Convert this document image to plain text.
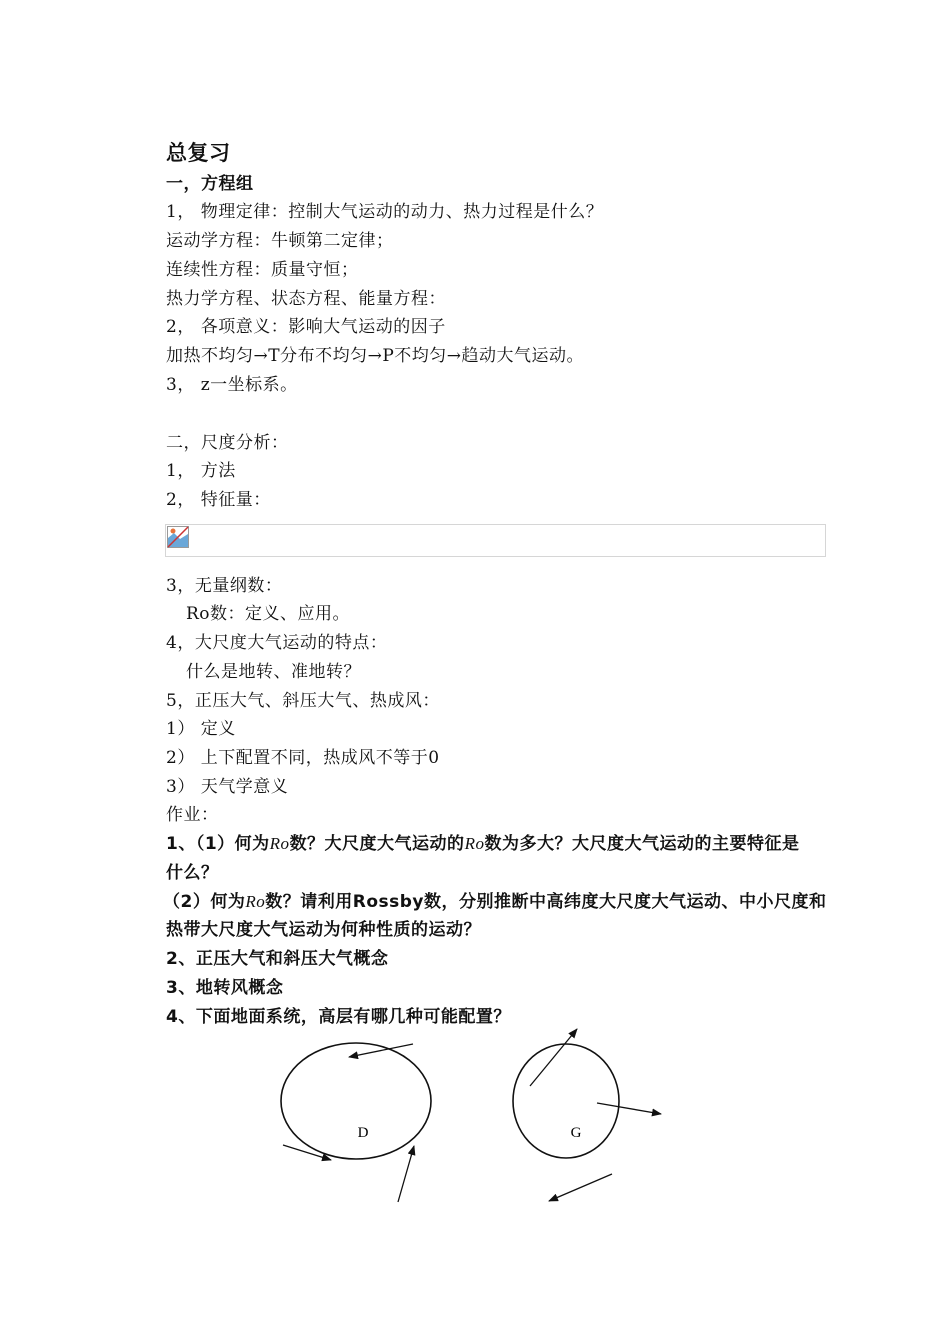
总复习
一，方程组
1， 物理定律：控制大气运动的动力、热力过程是什么？
运动学方程：牛顿第二定律；
连续性方程：质量守恒；
热力学方程、状态方程、能量方程：
2， 各项意义：影响大气运动的因子
加热不均匀→T分布不均匀→P不均匀→趋动大气运动。
3， z一坐标系。
二，尺度分析：
1， 方法
2， 特征量：
3，无量纲数：
Ro数：定义、应用。
4，大尺度大气运动的特点：
什么是地转、准地转？
5，正压大气、斜压大气、热成风：
1） 定义
2） 上下配置不同，热成风不等于0
3） 天气学意义
作业：
1、（1）何为Ro数？大尺度大气运动的Ro数为多大？大尺度大气运动的主要特征是
什么？
（2）何为Ro数？请利用Rossby数，分别推断中高纬度大尺度大气运动、中小尺度和
热带大尺度大气运动为何种性质的运动？
2、正压大气和斜压大气概念
3、地转风概念
4、下面地面系统，高层有哪几种可能配置？
D	G
